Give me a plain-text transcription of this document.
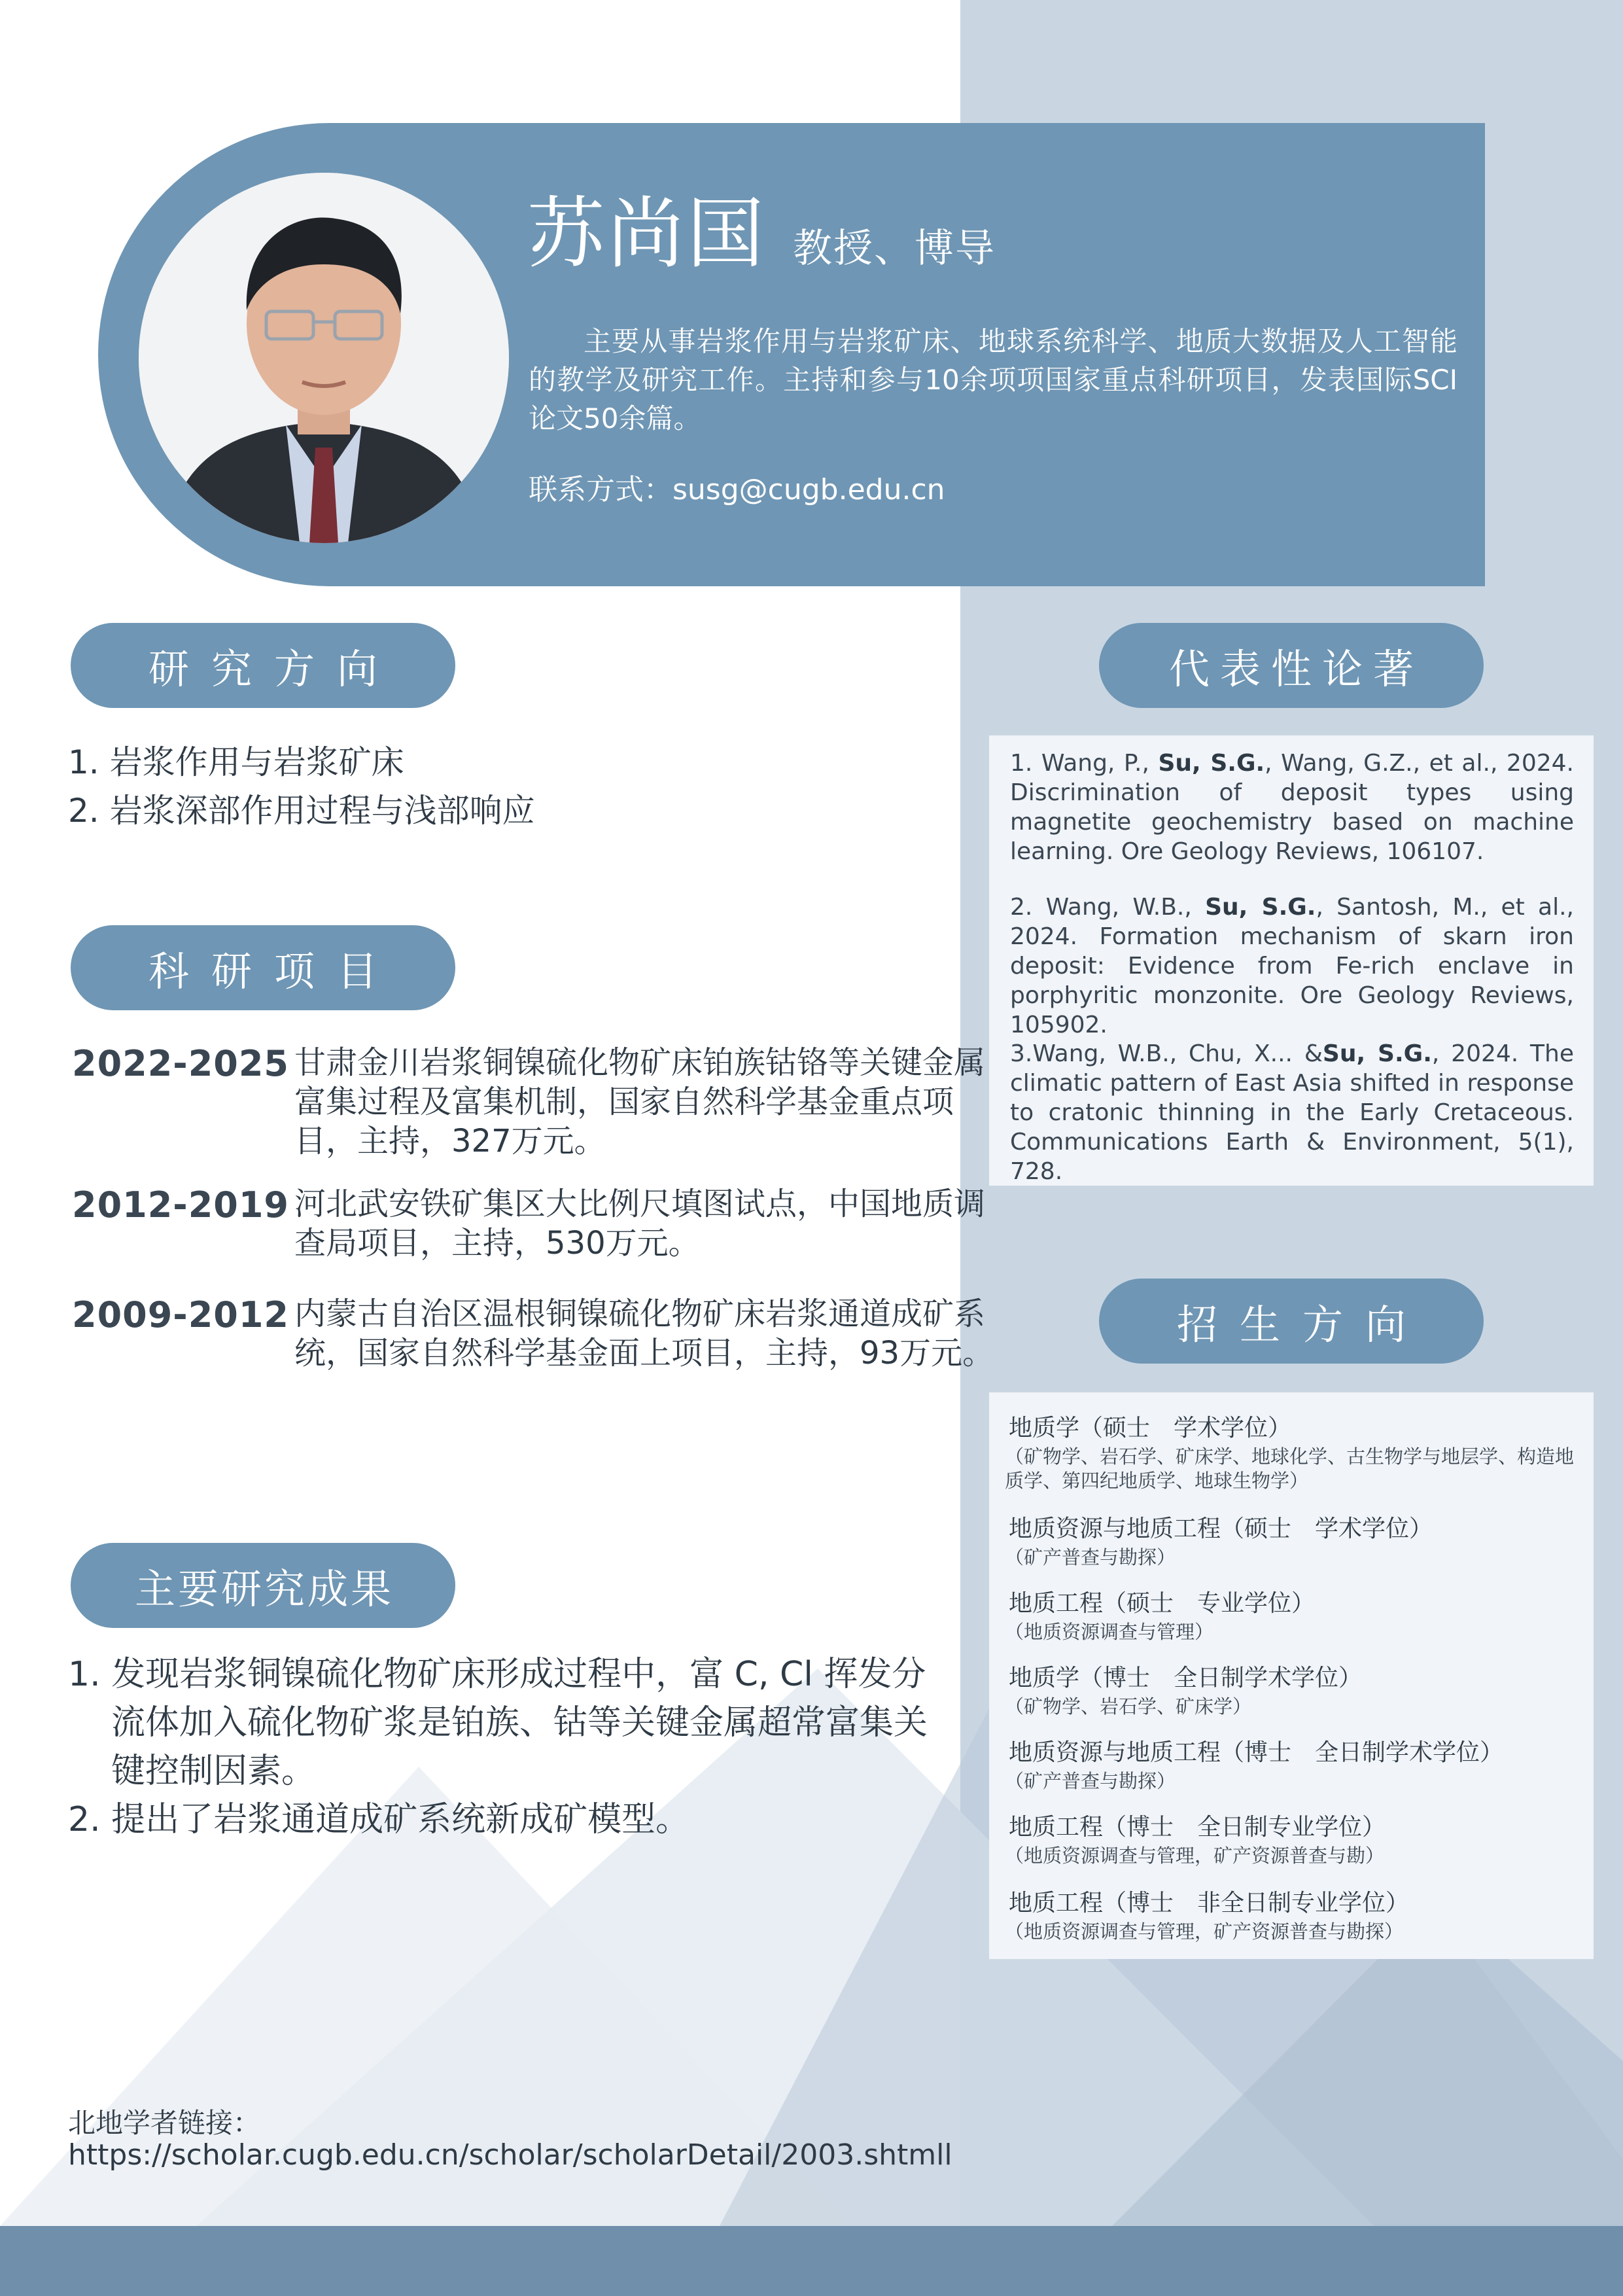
苏尚国 教授、博导
主要从事岩浆作用与岩浆矿床、地球系统科学、地质大数据及人工智能的教学及研究工作。主持和参与10余项项国家重点科研项目，发表国际SCI论文50余篇。
联系方式：susg@cugb.edu.cn
研究方向
1. 岩浆作用与岩浆矿床
2. 岩浆深部作用过程与浅部响应
科研项目
2022-2025 甘肃金川岩浆铜镍硫化物矿床铂族钴铬等关键金属富集过程及富集机制，国家自然科学基金重点项目，主持，327万元。
2012-2019 河北武安铁矿集区大比例尺填图试点，中国地质调查局项目，主持，530万元。
2009-2012 内蒙古自治区温根铜镍硫化物矿床岩浆通道成矿系统，国家自然科学基金面上项目，主持，93万元。
主要研究成果
1. 发现岩浆铜镍硫化物矿床形成过程中，富 C, Cl 挥发分流体加入硫化物矿浆是铂族、钴等关键金属超常富集关键控制因素。
2. 提出了岩浆通道成矿系统新成矿模型。
北地学者链接：
https://scholar.cugb.edu.cn/scholar/scholarDetail/2003.shtmll
代表性论著
1. Wang, P., Su, S.G., Wang, G.Z., et al., 2024. Discrimination of deposit types using magnetite geochemistry based on machine learning. Ore Geology Reviews, 106107.
2. Wang, W.B., Su, S.G., Santosh, M., et al., 2024. Formation mechanism of skarn iron deposit: Evidence from Fe-rich enclave in porphyritic monzonite. Ore Geology Reviews, 105902.
3.Wang, W.B., Chu, X... &Su, S.G., 2024. The climatic pattern of East Asia shifted in response to cratonic thinning in the Early Cretaceous. Communications Earth & Environment, 5(1), 728.
招生方向
地质学（硕士　学术学位）
（矿物学、岩石学、矿床学、地球化学、古生物学与地层学、构造地质学、第四纪地质学、地球生物学）
地质资源与地质工程（硕士　学术学位）
（矿产普查与勘探）
地质工程（硕士　专业学位）
（地质资源调查与管理）
地质学（博士　全日制学术学位）
（矿物学、岩石学、矿床学）
地质资源与地质工程（博士　全日制学术学位）
（矿产普查与勘探）
地质工程（博士　全日制专业学位）
（地质资源调查与管理，矿产资源普查与勘）
地质工程（博士　非全日制专业学位）
（地质资源调查与管理，矿产资源普查与勘探）
